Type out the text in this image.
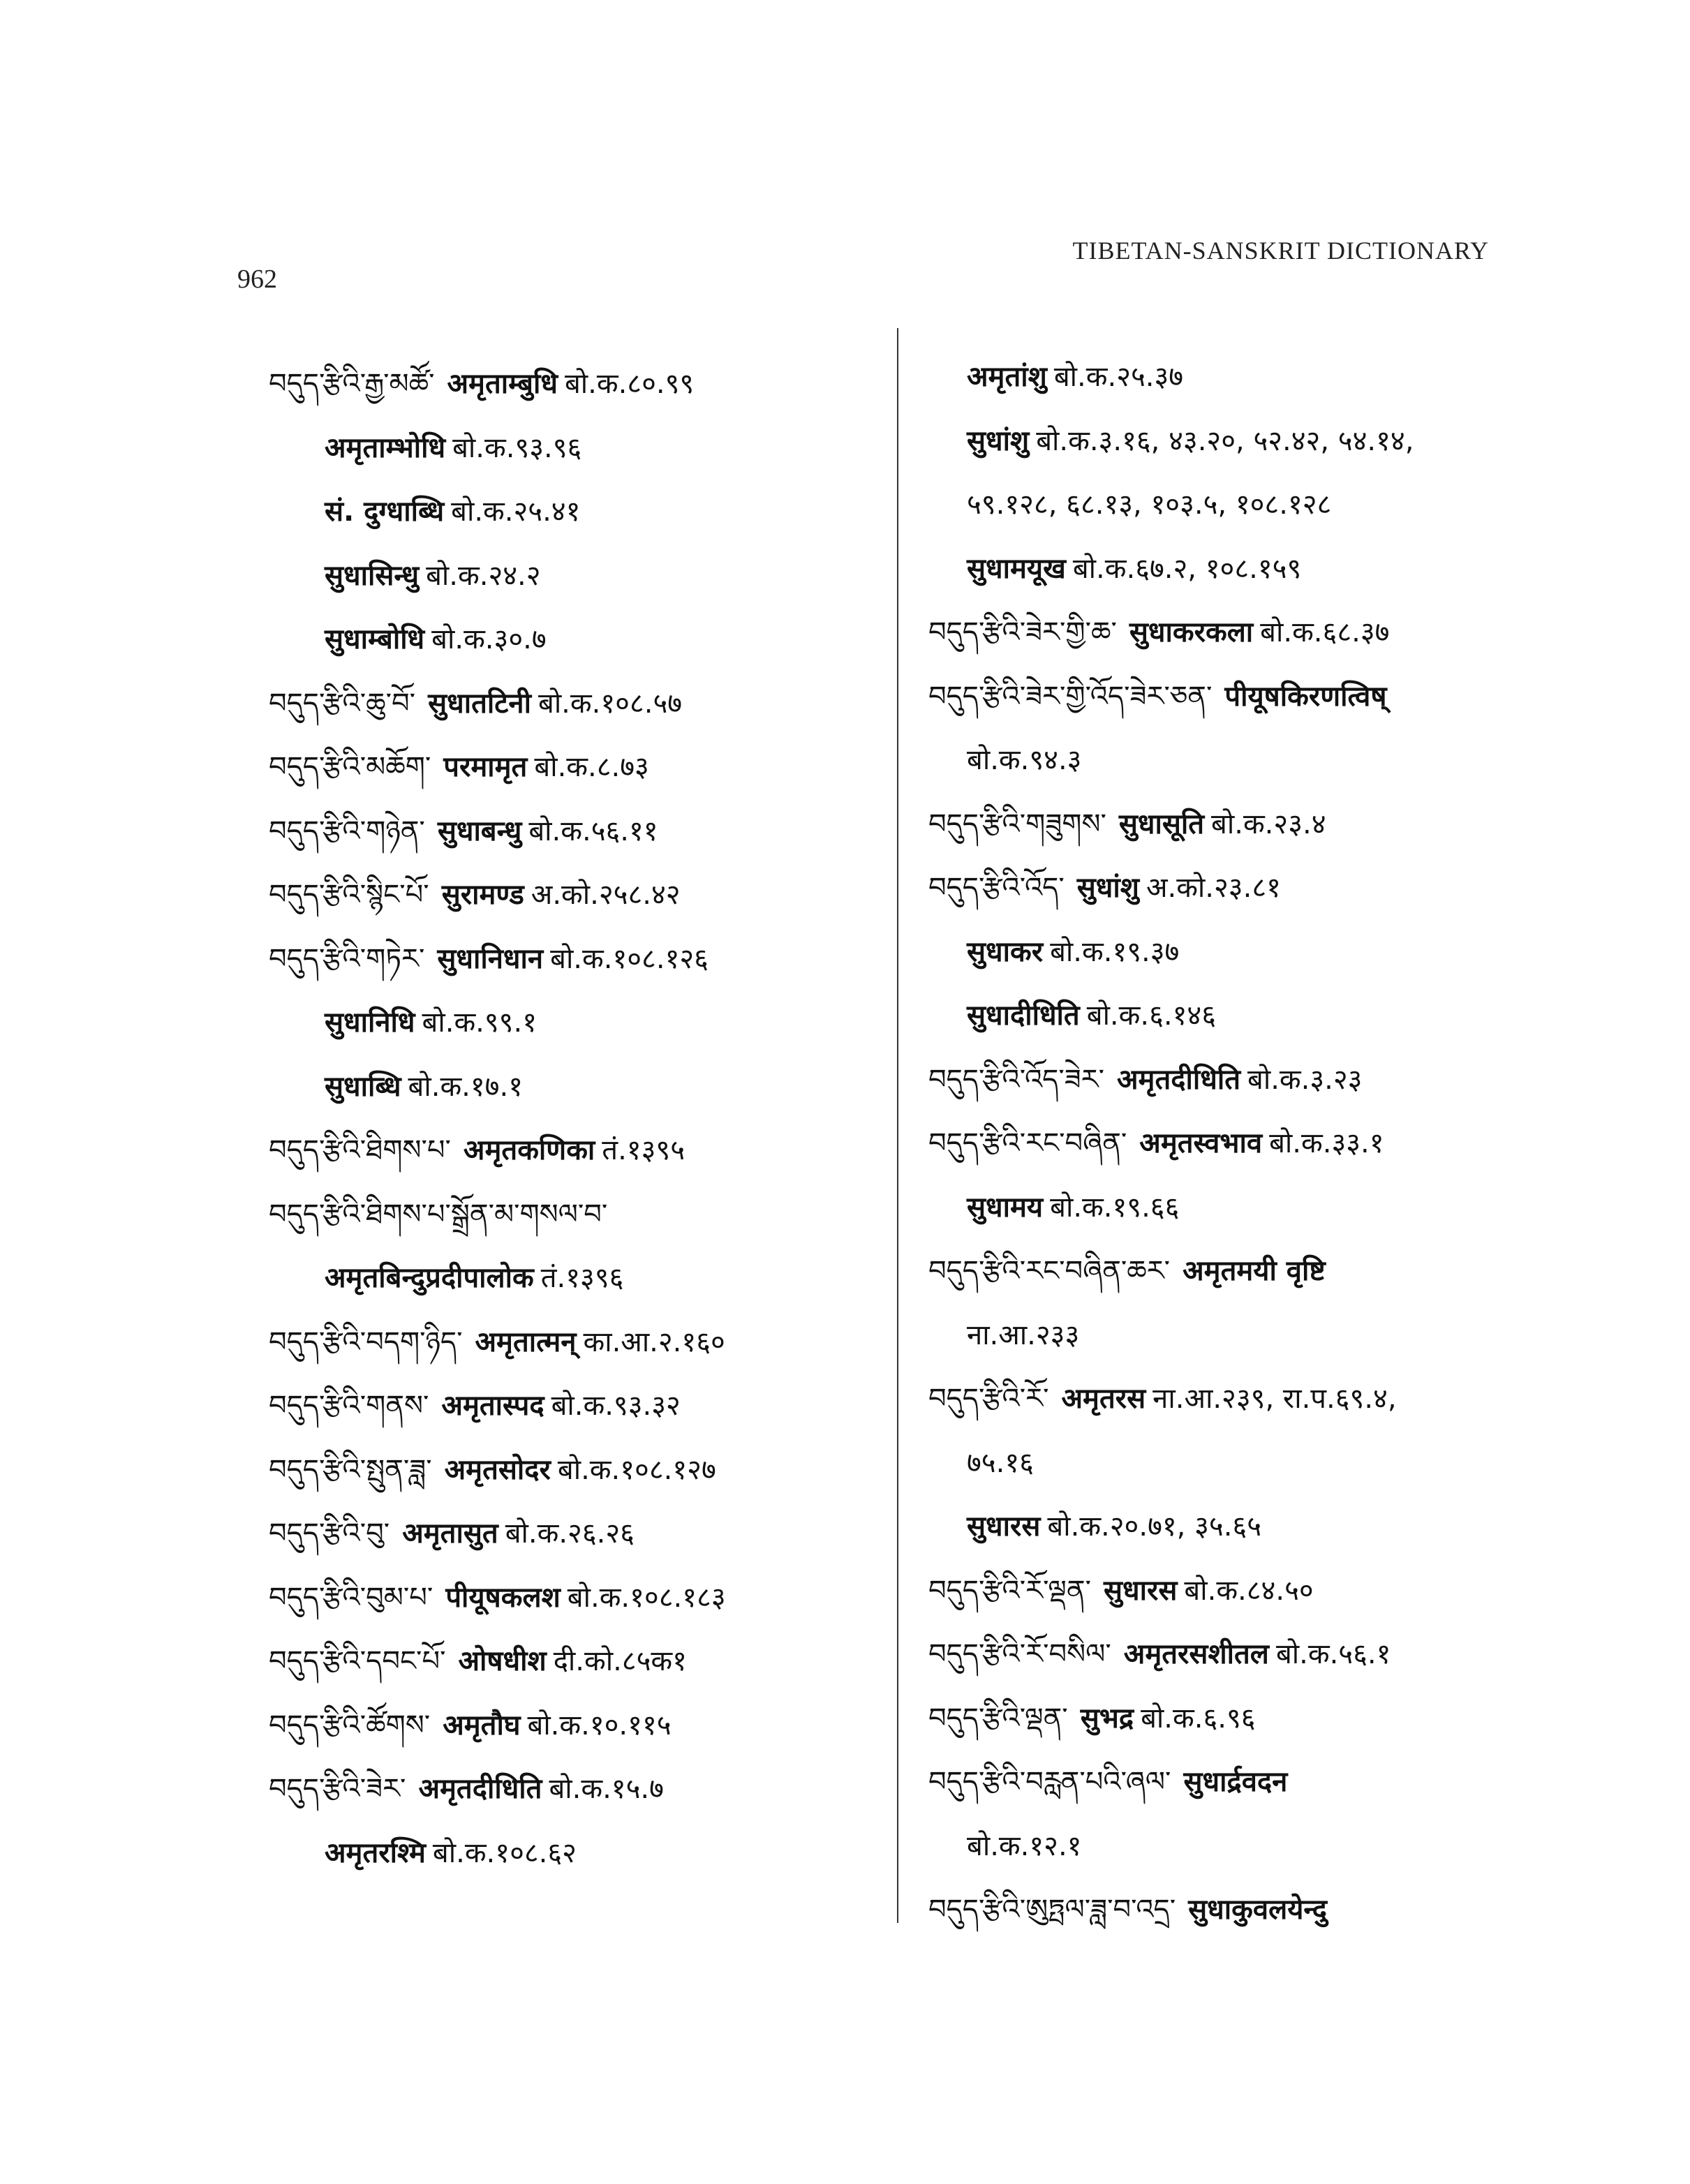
962
TIBETAN-SANSKRIT DICTIONARY
བདུད་རྩིའི་རྒྱ་མཚོ་ अमृताम्बुधि बो.क.८०.९९
अमृताम्भोधि बो.क.९३.९६
सं. दुग्धाब्धि बो.क.२५.४१
सुधासिन्धु बो.क.२४.२
सुधाम्बोधि बो.क.३०.७
བདུད་རྩིའི་ཆུ་བོ་ सुधातटिनी बो.क.१०८.५७
བདུད་རྩིའི་མཆོག་ परमामृत बो.क.८.७३
བདུད་རྩིའི་གཉེན་ सुधाबन्धु बो.क.५६.११
བདུད་རྩིའི་སྙིང་པོ་ सुरामण्ड अ.को.२५८.४२
བདུད་རྩིའི་གཏེར་ सुधानिधान बो.क.१०८.१२६
सुधानिधि बो.क.९९.१
सुधाब्धि बो.क.१७.१
བདུད་རྩིའི་ཐིགས་པ་ अमृतकणिका तं.१३९५
བདུད་རྩིའི་ཐིགས་པ་སྒྲོན་མ་གསལ་བ་
अमृतबिन्दुप्रदीपालोक तं.१३९६
བདུད་རྩིའི་བདག་ཉིད་ अमृतात्मन् का.आ.२.१६०
བདུད་རྩིའི་གནས་ अमृतास्पद बो.क.९३.३२
བདུད་རྩིའི་སྤུན་ཟླ་ अमृतसोदर बो.क.१०८.१२७
བདུད་རྩིའི་བུ་ अमृतासुत बो.क.२६.२६
བདུད་རྩིའི་བུམ་པ་ पीयूषकलश बो.क.१०८.१८३
བདུད་རྩིའི་དབང་པོ་ ओषधीश दी.को.८५क१
བདུད་རྩིའི་ཚོགས་ अमृतौघ बो.क.१०.११५
བདུད་རྩིའི་ཟེར་ अमृतदीधिति बो.क.१५.७
अमृतरश्मि बो.क.१०८.६२
अमृतांशु बो.क.२५.३७
सुधांशु बो.क.३.१६, ४३.२०, ५२.४२, ५४.१४,
५९.१२८, ६८.१३, १०३.५, १०८.१२८
सुधामयूख बो.क.६७.२, १०८.१५९
བདུད་རྩིའི་ཟེར་གྱི་ཆ་ सुधाकरकला बो.क.६८.३७
བདུད་རྩིའི་ཟེར་གྱི་འོད་ཟེར་ཅན་ पीयूषकिरणत्विष्
बो.क.९४.३
བདུད་རྩིའི་གཟུགས་ सुधासूति बो.क.२३.४
བདུད་རྩིའི་འོད་ सुधांशु अ.को.२३.८१
सुधाकर बो.क.१९.३७
सुधादीधिति बो.क.६.१४६
བདུད་རྩིའི་འོད་ཟེར་ अमृतदीधिति बो.क.३.२३
བདུད་རྩིའི་རང་བཞིན་ अमृतस्वभाव बो.क.३३.१
सुधामय बो.क.१९.६६
བདུད་རྩིའི་རང་བཞིན་ཆར་ अमृतमयी वृष्टि
ना.आ.२३३
བདུད་རྩིའི་རོ་ अमृतरस ना.आ.२३९, रा.प.६९.४,
७५.१६
सुधारस बो.क.२०.७१, ३५.६५
བདུད་རྩིའི་རོ་ལྡན་ सुधारस बो.क.८४.५०
བདུད་རྩིའི་རོ་བསིལ་ अमृतरसशीतल बो.क.५६.१
བདུད་རྩིའི་ལྡན་ सुभद्र बो.क.६.९६
བདུད་རྩིའི་བརླན་པའི་ཞལ་ सुधार्द्रवदन
बो.क.१२.१
བདུད་རྩིའི་ཨུཏྤལ་ཟླ་བ་འདྲ་ सुधाकुवलयेन्दु
